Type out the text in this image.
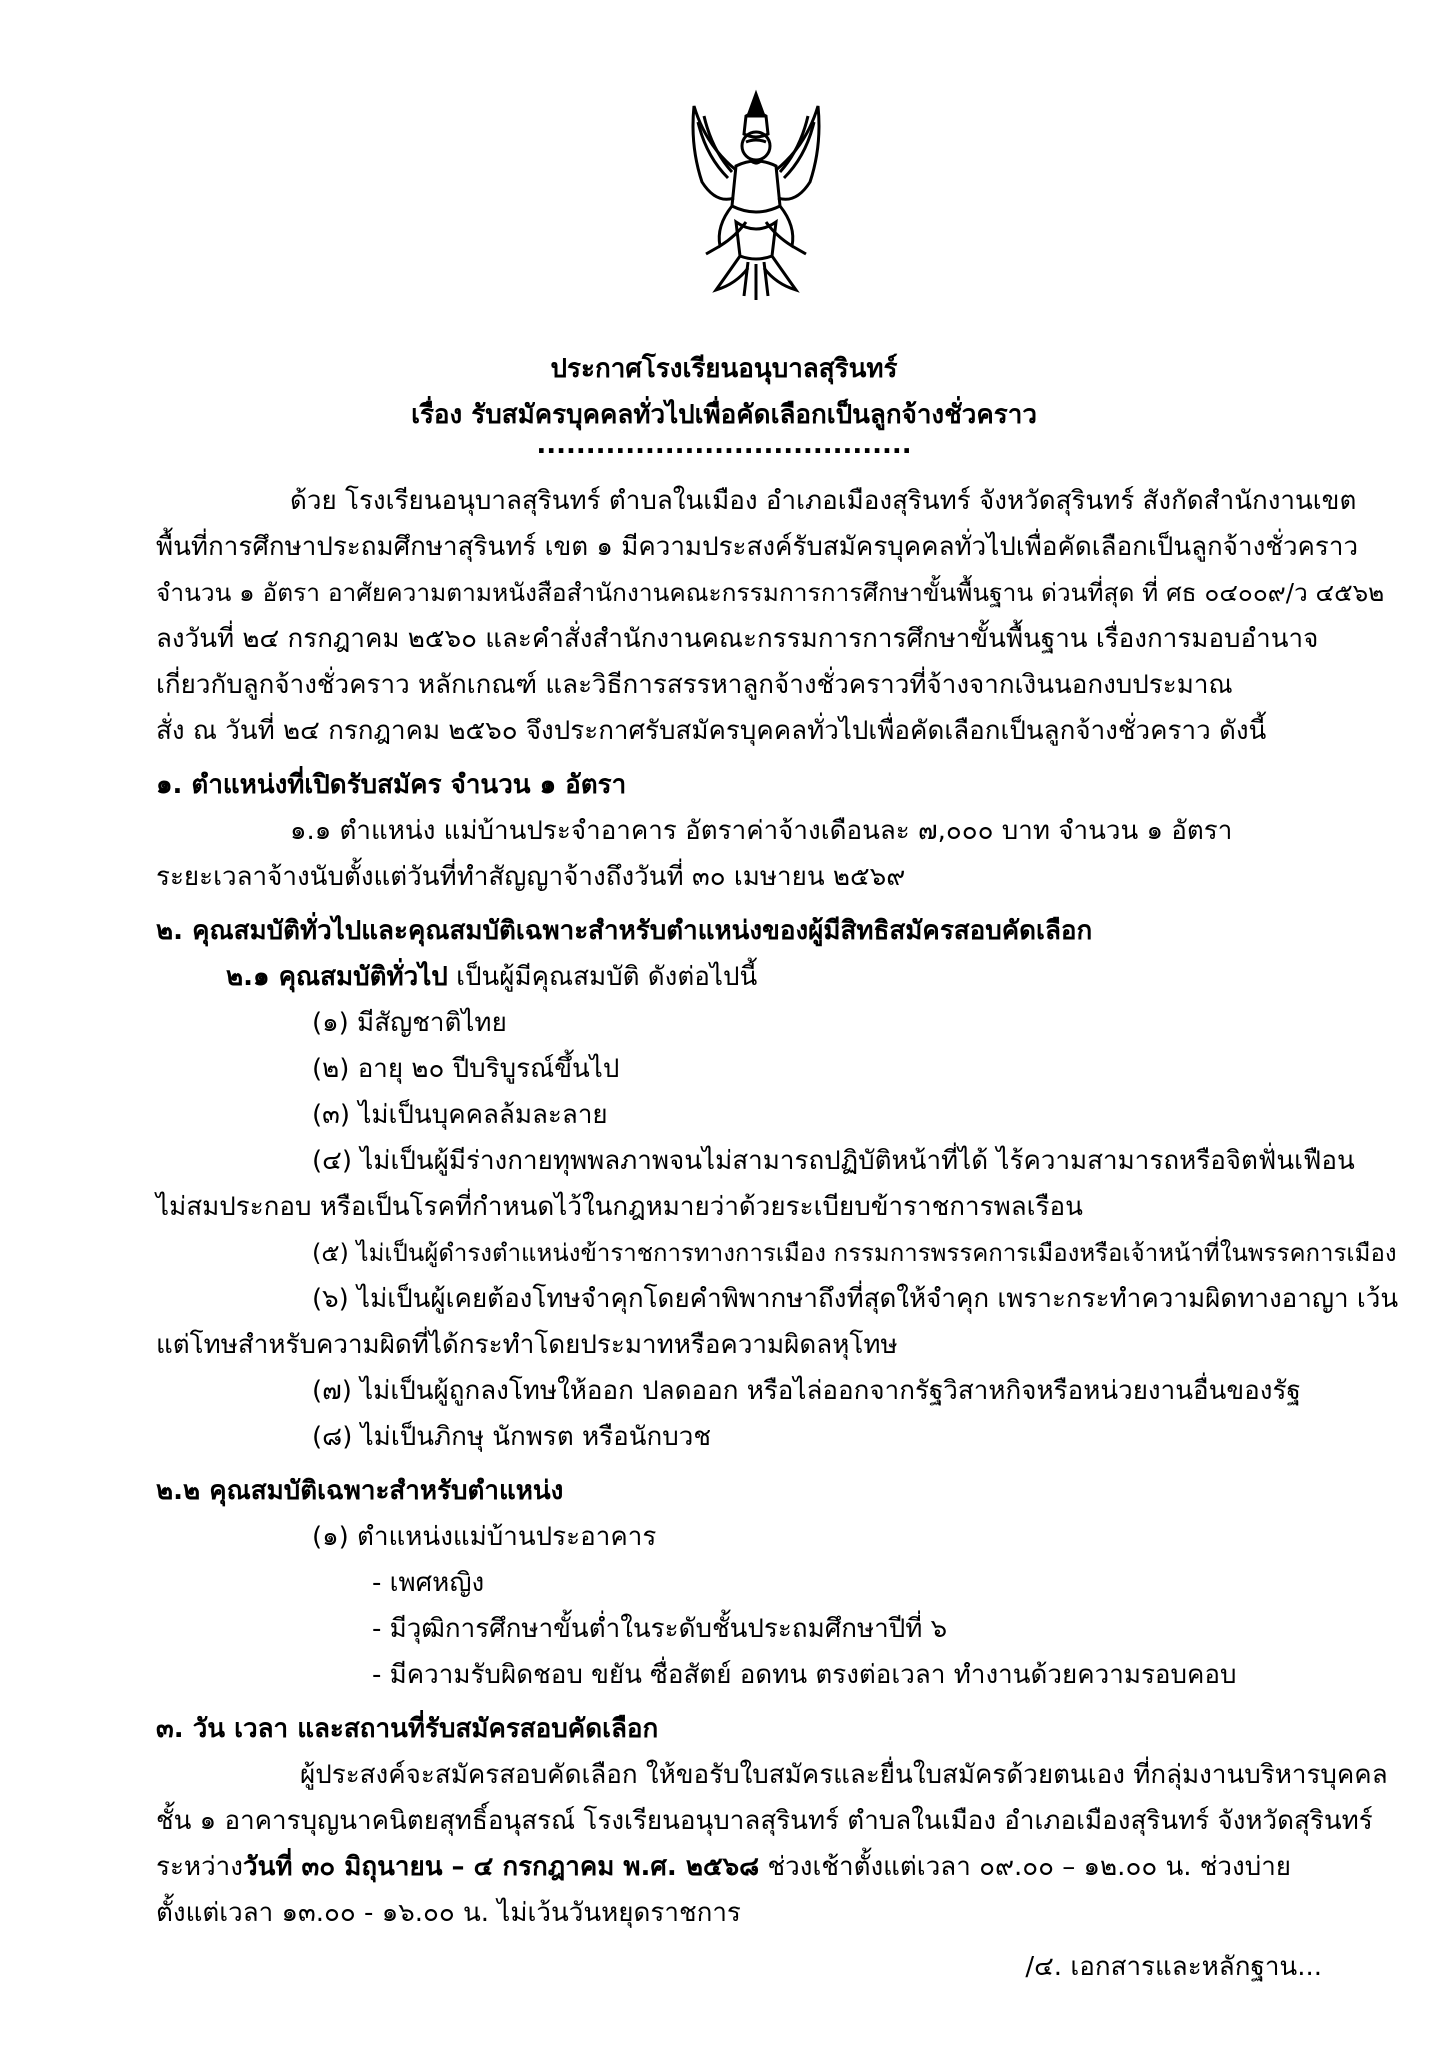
ประกาศโรงเรียนอนุบาลสุรินทร์
เรื่อง รับสมัครบุคคลทั่วไปเพื่อคัดเลือกเป็นลูกจ้างชั่วคราว
......................................
ด้วย โรงเรียนอนุบาลสุรินทร์ ตำบลในเมือง อำเภอเมืองสุรินทร์ จังหวัดสุรินทร์ สังกัดสำนักงานเขต
พื้นที่การศึกษาประถมศึกษาสุรินทร์ เขต ๑ มีความประสงค์รับสมัครบุคคลทั่วไปเพื่อคัดเลือกเป็นลูกจ้างชั่วคราว
จำนวน ๑ อัตรา อาศัยความตามหนังสือสำนักงานคณะกรรมการการศึกษาขั้นพื้นฐาน ด่วนที่สุด ที่ ศธ ๐๔๐๐๙/ว ๔๕๖๒
ลงวันที่ ๒๔ กรกฎาคม ๒๕๖๐ และคำสั่งสำนักงานคณะกรรมการการศึกษาขั้นพื้นฐาน เรื่องการมอบอำนาจ
เกี่ยวกับลูกจ้างชั่วคราว หลักเกณฑ์ และวิธีการสรรหาลูกจ้างชั่วคราวที่จ้างจากเงินนอกงบประมาณ
สั่ง ณ วันที่ ๒๔ กรกฎาคม ๒๕๖๐ จึงประกาศรับสมัครบุคคลทั่วไปเพื่อคัดเลือกเป็นลูกจ้างชั่วคราว ดังนี้
๑. ตำแหน่งที่เปิดรับสมัคร จำนวน ๑ อัตรา
๑.๑ ตำแหน่ง แม่บ้านประจำอาคาร อัตราค่าจ้างเดือนละ ๗,๐๐๐ บาท จำนวน ๑ อัตรา
ระยะเวลาจ้างนับตั้งแต่วันที่ทำสัญญาจ้างถึงวันที่ ๓๐ เมษายน ๒๕๖๙
๒. คุณสมบัติทั่วไปและคุณสมบัติเฉพาะสำหรับตำแหน่งของผู้มีสิทธิสมัครสอบคัดเลือก
๒.๑ คุณสมบัติทั่วไป เป็นผู้มีคุณสมบัติ ดังต่อไปนี้
(๑) มีสัญชาติไทย
(๒) อายุ ๒๐ ปีบริบูรณ์ขึ้นไป
(๓) ไม่เป็นบุคคลล้มละลาย
(๔) ไม่เป็นผู้มีร่างกายทุพพลภาพจนไม่สามารถปฏิบัติหน้าที่ได้ ไร้ความสามารถหรือจิตฟั่นเฟือน
ไม่สมประกอบ หรือเป็นโรคที่กำหนดไว้ในกฎหมายว่าด้วยระเบียบข้าราชการพลเรือน
(๕) ไม่เป็นผู้ดำรงตำแหน่งข้าราชการทางการเมือง กรรมการพรรคการเมืองหรือเจ้าหน้าที่ในพรรคการเมือง
(๖) ไม่เป็นผู้เคยต้องโทษจำคุกโดยคำพิพากษาถึงที่สุดให้จำคุก เพราะกระทำความผิดทางอาญา เว้น
แต่โทษสำหรับความผิดที่ได้กระทำโดยประมาทหรือความผิดลหุโทษ
(๗) ไม่เป็นผู้ถูกลงโทษให้ออก ปลดออก หรือไล่ออกจากรัฐวิสาหกิจหรือหน่วยงานอื่นของรัฐ
(๘) ไม่เป็นภิกษุ นักพรต หรือนักบวช
๒.๒ คุณสมบัติเฉพาะสำหรับตำแหน่ง
(๑) ตำแหน่งแม่บ้านประอาคาร
- เพศหญิง
- มีวุฒิการศึกษาขั้นต่ำในระดับชั้นประถมศึกษาปีที่ ๖
- มีความรับผิดชอบ ขยัน ซื่อสัตย์ อดทน ตรงต่อเวลา ทำงานด้วยความรอบคอบ
๓. วัน เวลา และสถานที่รับสมัครสอบคัดเลือก
ผู้ประสงค์จะสมัครสอบคัดเลือก ให้ขอรับใบสมัครและยื่นใบสมัครด้วยตนเอง ที่กลุ่มงานบริหารบุคคล
ชั้น ๑ อาคารบุญนาคนิตยสุทธิ์อนุสรณ์ โรงเรียนอนุบาลสุรินทร์ ตำบลในเมือง อำเภอเมืองสุรินทร์ จังหวัดสุรินทร์
ระหว่างวันที่ ๓๐ มิถุนายน – ๔ กรกฎาคม พ.ศ. ๒๕๖๘ ช่วงเช้าตั้งแต่เวลา ๐๙.๐๐ – ๑๒.๐๐ น. ช่วงบ่าย
ตั้งแต่เวลา ๑๓.๐๐ - ๑๖.๐๐ น. ไม่เว้นวันหยุดราชการ
/๔. เอกสารและหลักฐาน...
